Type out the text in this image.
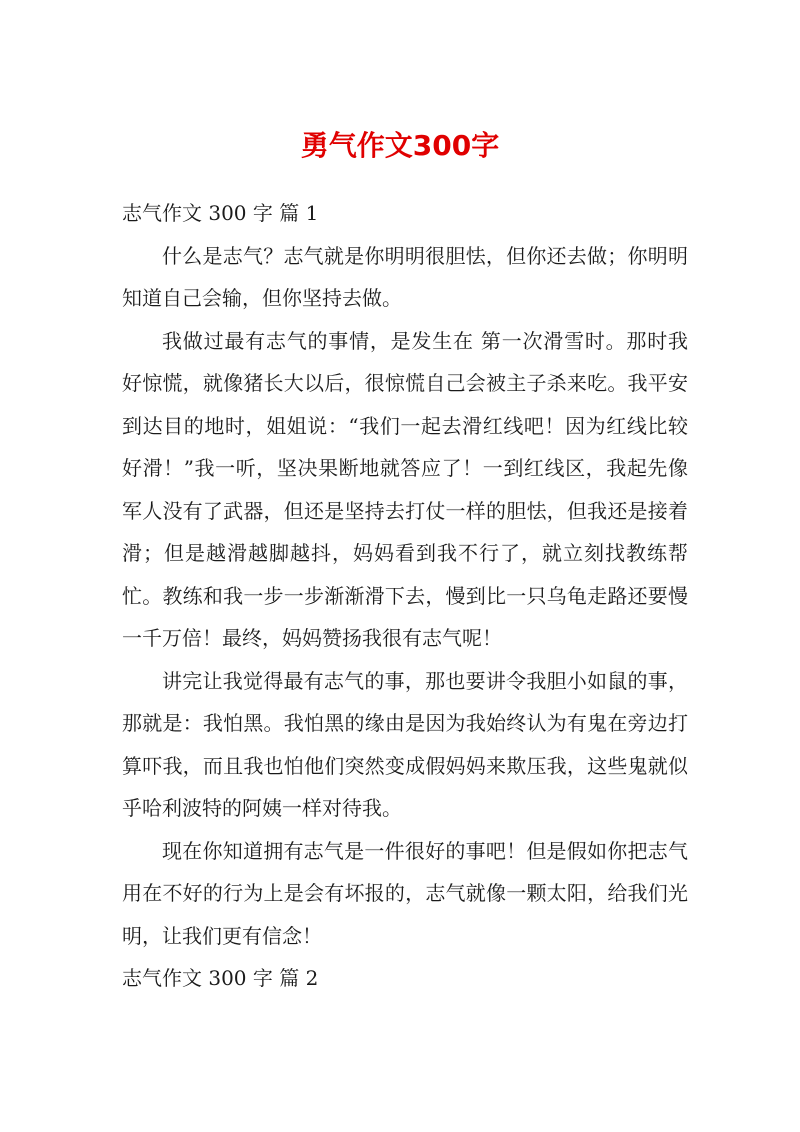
勇气作文300字
志气作文 300 字 篇 1

什么是志气？志气就是你明明很胆怯，但你还去做；你明明知道自己会输，但你坚持去做。

我做过最有志气的事情，是发生在 第一次滑雪时。那时我好惊慌，就像猪长大以后，很惊慌自己会被主子杀来吃。我平安到达目的地时，姐姐说：“我们一起去滑红线吧！因为红线比较好滑！”我一听，坚决果断地就答应了！一到红线区，我起先像军人没有了武器，但还是坚持去打仗一样的胆怯，但我还是接着滑；但是越滑越脚越抖，妈妈看到我不行了，就立刻找教练帮忙。教练和我一步一步渐渐滑下去，慢到比一只乌龟走路还要慢一千万倍！最终，妈妈赞扬我很有志气呢！

讲完让我觉得最有志气的事，那也要讲令我胆小如鼠的事，那就是：我怕黑。我怕黑的缘由是因为我始终认为有鬼在旁边打算吓我，而且我也怕他们突然变成假妈妈来欺压我，这些鬼就似乎哈利波特的阿姨一样对待我。

现在你知道拥有志气是一件很好的事吧！但是假如你把志气用在不好的行为上是会有坏报的，志气就像一颗太阳，给我们光明，让我们更有信念！

志气作文 300 字 篇 2
